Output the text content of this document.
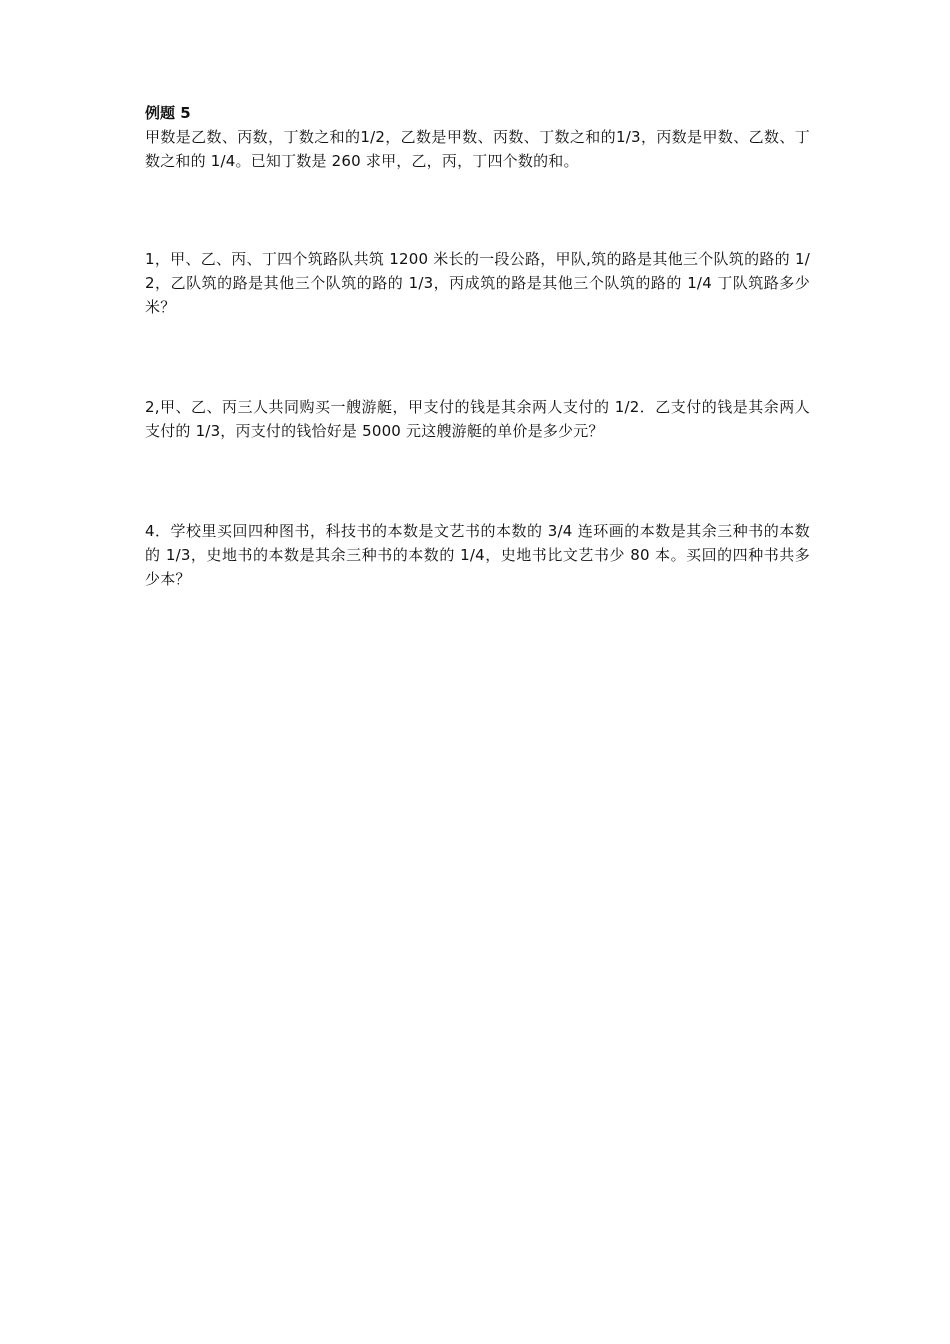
例题 5

甲数是乙数、丙数，丁数之和的1/2，乙数是甲数、丙数、丁数之和的1/3，丙数是甲数、乙数、丁数之和的 1/4。已知丁数是 260 求甲，乙，丙，丁四个数的和。

1，甲、乙、丙、丁四个筑路队共筑 1200 米长的一段公路，甲队,筑的路是其他三个队筑的路的 1/2，乙队筑的路是其他三个队筑的路的 1/3，丙成筑的路是其他三个队筑的路的 1/4 丁队筑路多少米？

2,甲、乙、丙三人共同购买一艘游艇，甲支付的钱是其余两人支付的 1/2．乙支付的钱是其余两人支付的 1/3，丙支付的钱恰好是 5000 元这艘游艇的单价是多少元？

4．学校里买回四种图书，科技书的本数是文艺书的本数的 3/4 连环画的本数是其余三种书的本数的 1/3，史地书的本数是其余三种书的本数的 1/4，史地书比文艺书少 80 本。买回的四种书共多少本？
